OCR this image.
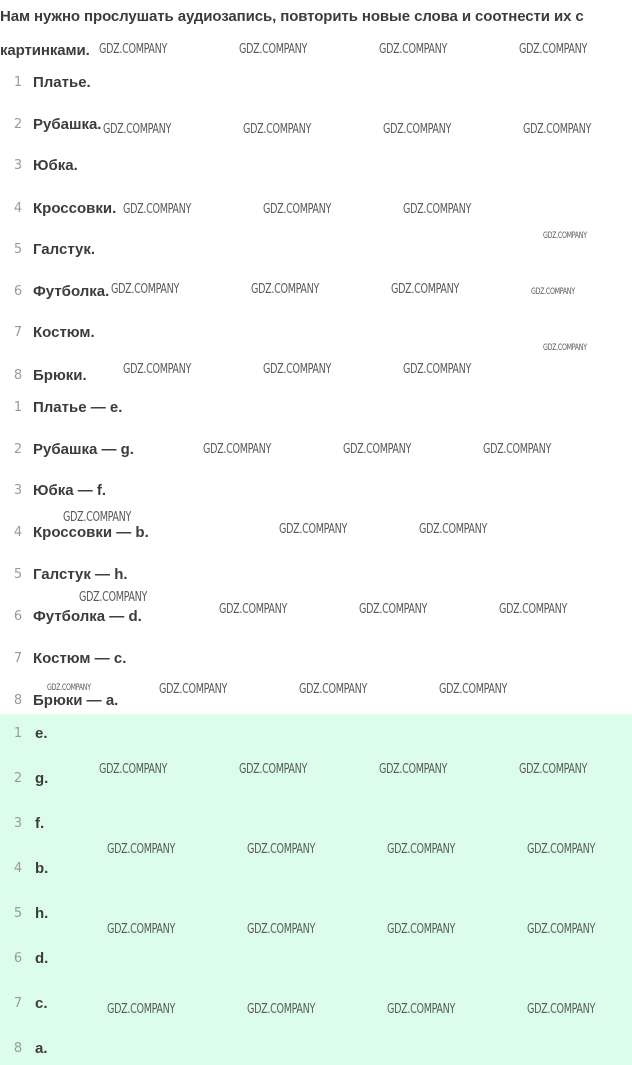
Нам нужно прослушать аудиозапись, повторить новые слова и соотнести их с
картинками.
1 Платье.
2 Рубашка.
3 Юбка.
4 Кроссовки.
5 Галстук.
6 Футболка.
7 Костюм.
8 Брюки.
1 Платье — e.
2 Рубашка — g.
3 Юбка — f.
4 Кроссовки — b.
5 Галстук — h.
6 Футболка — d.
7 Костюм — c.
8 Брюки — a.
1 e.
2 g.
3 f.
4 b.
5 h.
6 d.
7 c.
8 a.
GDZ.COMPANY	GDZ.COMPANY	GDZ.COMPANY	GDZ.COMPANY
GDZ.COMPANY	GDZ.COMPANY	GDZ.COMPANY	GDZ.COMPANY
GDZ.COMPANY	GDZ.COMPANY	GDZ.COMPANY
GDZ.COMPANY
GDZ.COMPANY	GDZ.COMPANY	GDZ.COMPANY	GDZ.COMPANY
GDZ.COMPANY
GDZ.COMPANY	GDZ.COMPANY	GDZ.COMPANY
GDZ.COMPANY	GDZ.COMPANY	GDZ.COMPANY
GDZ.COMPANY
GDZ.COMPANY	GDZ.COMPANY
GDZ.COMPANY
GDZ.COMPANY	GDZ.COMPANY	GDZ.COMPANY
GDZ.COMPANY	GDZ.COMPANY	GDZ.COMPANY	GDZ.COMPANY
GDZ.COMPANY	GDZ.COMPANY	GDZ.COMPANY	GDZ.COMPANY
GDZ.COMPANY	GDZ.COMPANY	GDZ.COMPANY	GDZ.COMPANY
GDZ.COMPANY	GDZ.COMPANY	GDZ.COMPANY	GDZ.COMPANY
GDZ.COMPANY	GDZ.COMPANY	GDZ.COMPANY	GDZ.COMPANY
